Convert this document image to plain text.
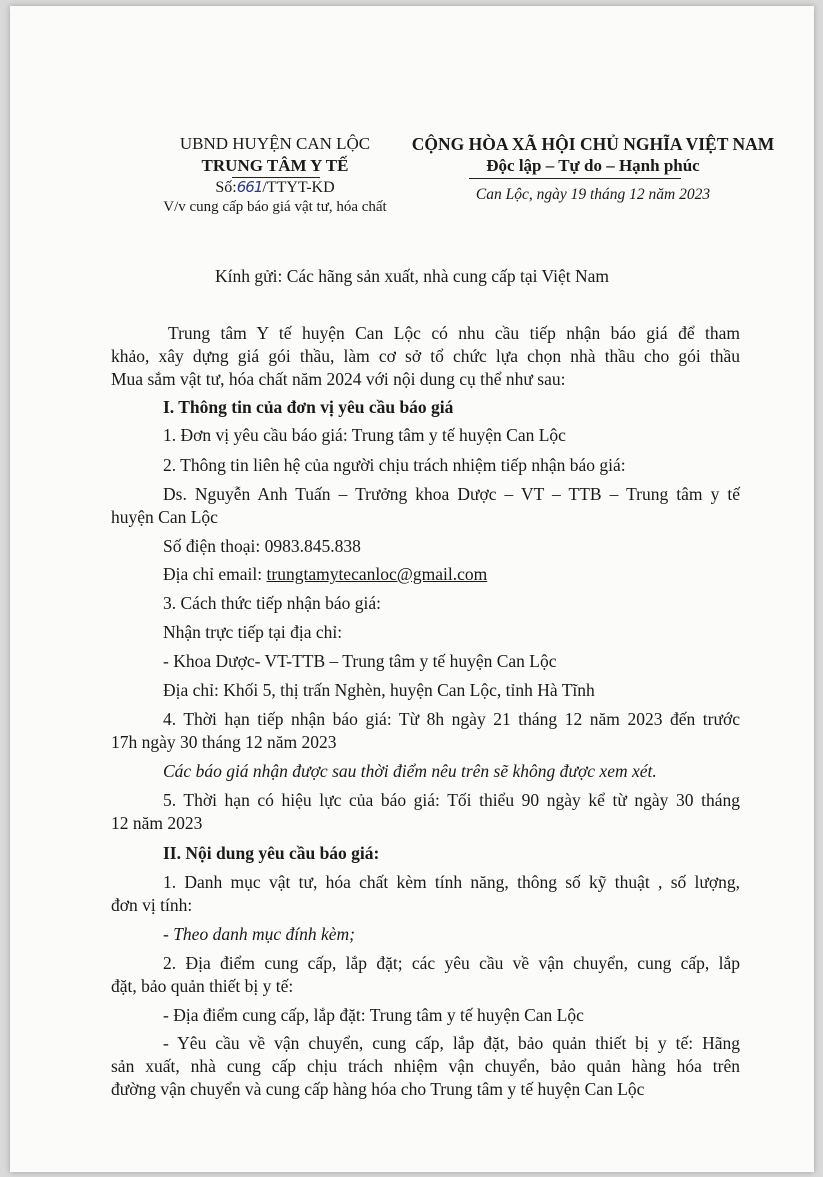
UBND HUYỆN CAN LỘC
TRUNG TÂM Y TẾ
Số:661/TTYT-KD
V/v cung cấp báo giá vật tư, hóa chất
CỘNG HÒA XÃ HỘI CHỦ NGHĨA VIỆT NAM
Độc lập – Tự do – Hạnh phúc
Can Lộc, ngày 19 tháng 12 năm 2023
Kính gửi: Các hãng sản xuất, nhà cung cấp tại Việt Nam
Trung tâm Y tế huyện Can Lộc có nhu cầu tiếp nhận báo giá để tham
khảo, xây dựng giá gói thầu, làm cơ sở tổ chức lựa chọn nhà thầu cho gói thầu
Mua sắm vật tư, hóa chất năm 2024 với nội dung cụ thể như sau:
I. Thông tin của đơn vị yêu cầu báo giá
1. Đơn vị yêu cầu báo giá: Trung tâm y tế huyện Can Lộc
2. Thông tin liên hệ của người chịu trách nhiệm tiếp nhận báo giá:
Ds. Nguyễn Anh Tuấn – Trưởng khoa Dược – VT – TTB – Trung tâm y tế
huyện Can Lộc
Số điện thoại: 0983.845.838
Địa chỉ email: trungtamytecanloc@gmail.com
3. Cách thức tiếp nhận báo giá:
Nhận trực tiếp tại địa chỉ:
- Khoa Dược- VT-TTB – Trung tâm y tế huyện Can Lộc
Địa chỉ: Khối 5, thị trấn Nghèn, huyện Can Lộc, tỉnh Hà Tĩnh
4. Thời hạn tiếp nhận báo giá: Từ 8h ngày 21 tháng 12 năm 2023 đến trước
17h ngày 30 tháng 12 năm 2023
Các báo giá nhận được sau thời điểm nêu trên sẽ không được xem xét.
5. Thời hạn có hiệu lực của báo giá: Tối thiểu 90 ngày kể từ ngày 30 tháng
12 năm 2023
II. Nội dung yêu cầu báo giá:
1. Danh mục vật tư, hóa chất kèm tính năng, thông số kỹ thuật , số lượng,
đơn vị tính:
- Theo danh mục đính kèm;
2. Địa điểm cung cấp, lắp đặt; các yêu cầu về vận chuyển, cung cấp, lắp
đặt, bảo quản thiết bị y tế:
- Địa điểm cung cấp, lắp đặt: Trung tâm y tế huyện Can Lộc
- Yêu cầu về vận chuyển, cung cấp, lắp đặt, bảo quản thiết bị y tế: Hãng
sản xuất, nhà cung cấp chịu trách nhiệm vận chuyển, bảo quản hàng hóa trên
đường vận chuyển và cung cấp hàng hóa cho Trung tâm y tế huyện Can Lộc
